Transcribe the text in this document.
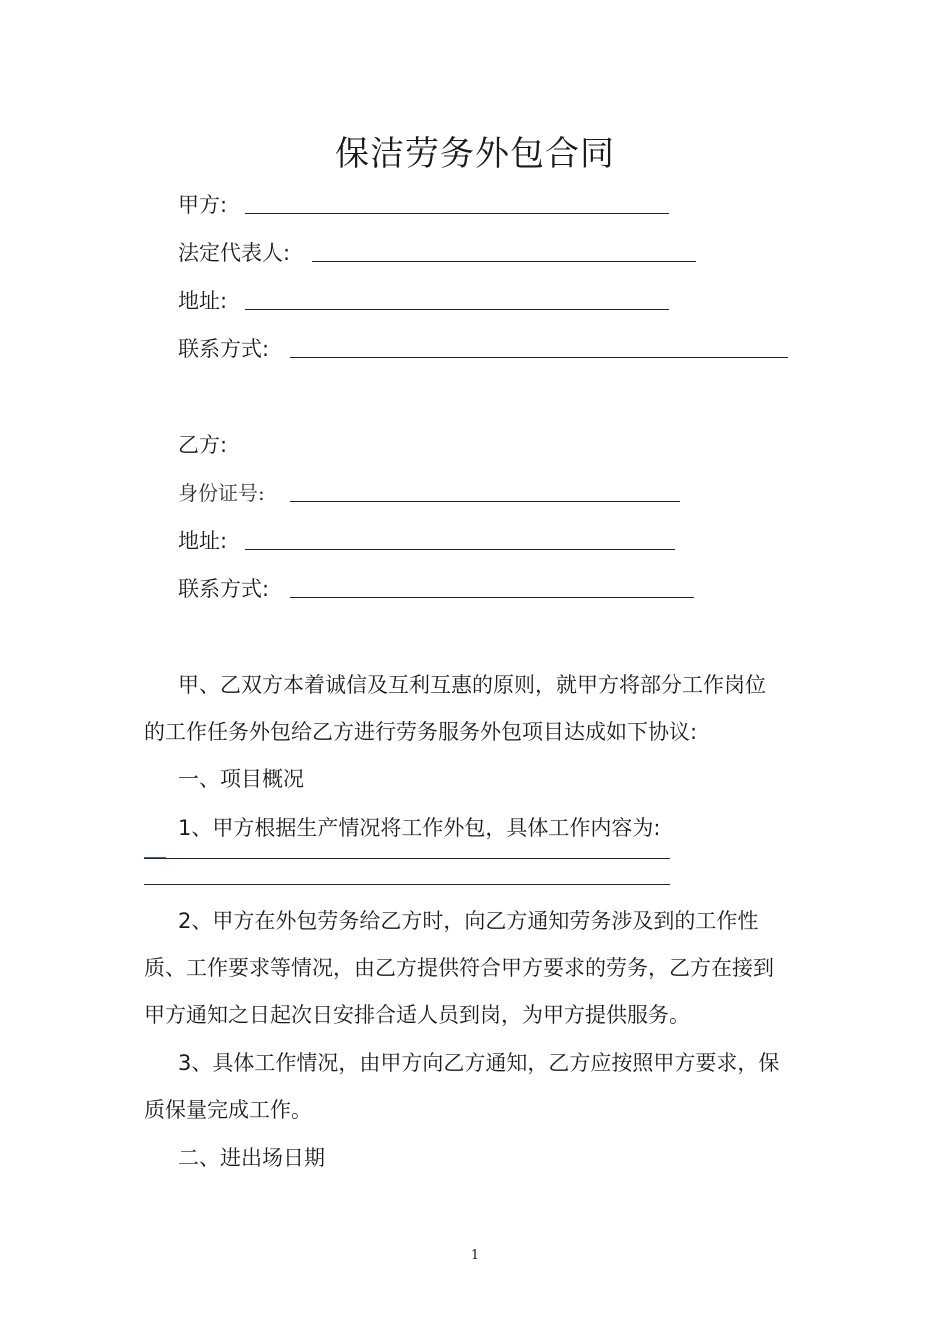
保洁劳务外包合同
甲方:
法定代表人:
地址:
联系方式:
乙方:
身份证号:
地址:
联系方式:
甲、乙双方本着诚信及互利互惠的原则，就甲方将部分工作岗位
的工作任务外包给乙方进行劳务服务外包项目达成如下协议:
一、项目概况
1、甲方根据生产情况将工作外包，具体工作内容为:
2、甲方在外包劳务给乙方时，向乙方通知劳务涉及到的工作性
质、工作要求等情况，由乙方提供符合甲方要求的劳务，乙方在接到
甲方通知之日起次日安排合适人员到岗，为甲方提供服务。
3、具体工作情况，由甲方向乙方通知，乙方应按照甲方要求，保
质保量完成工作。
二、进出场日期
1
